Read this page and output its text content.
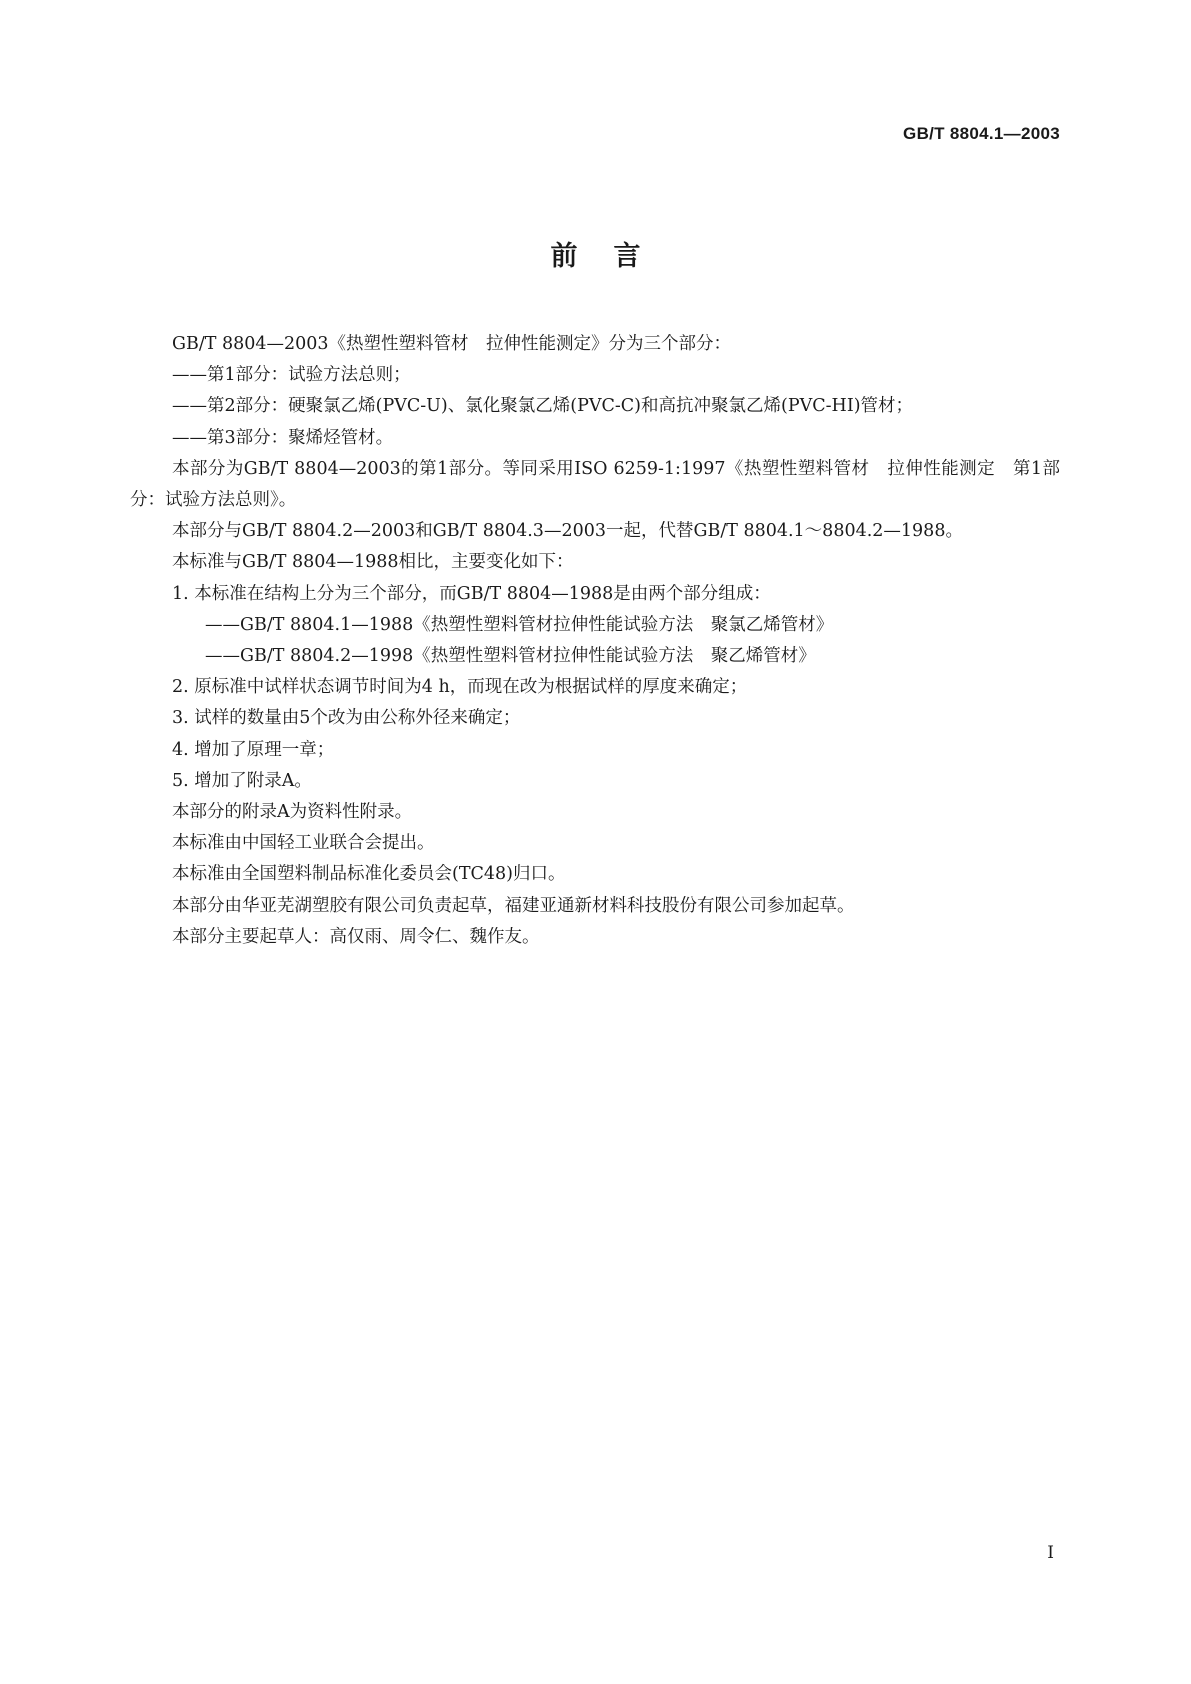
GB/T 8804.1—2003
前言

GB/T 8804—2003《热塑性塑料管材　拉伸性能测定》分为三个部分：

——第1部分：试验方法总则；

——第2部分：硬聚氯乙烯(PVC-U)、氯化聚氯乙烯(PVC-C)和高抗冲聚氯乙烯(PVC-HI)管材；

——第3部分：聚烯烃管材。

本部分为GB/T 8804—2003的第1部分。等同采用ISO 6259-1:1997《热塑性塑料管材　拉伸性能测定　第1部分：试验方法总则》。

本部分与GB/T 8804.2—2003和GB/T 8804.3—2003一起，代替GB/T 8804.1～8804.2—1988。

本标准与GB/T 8804—1988相比，主要变化如下：

1. 本标准在结构上分为三个部分，而GB/T 8804—1988是由两个部分组成：

——GB/T 8804.1—1988《热塑性塑料管材拉伸性能试验方法　聚氯乙烯管材》

——GB/T 8804.2—1998《热塑性塑料管材拉伸性能试验方法　聚乙烯管材》

2. 原标准中试样状态调节时间为4 h，而现在改为根据试样的厚度来确定；

3. 试样的数量由5个改为由公称外径来确定；

4. 增加了原理一章；

5. 增加了附录A。

本部分的附录A为资料性附录。

本标准由中国轻工业联合会提出。

本标准由全国塑料制品标准化委员会(TC48)归口。

本部分由华亚芜湖塑胶有限公司负责起草，福建亚通新材料科技股份有限公司参加起草。

本部分主要起草人：高仅雨、周令仁、魏作友。

I
